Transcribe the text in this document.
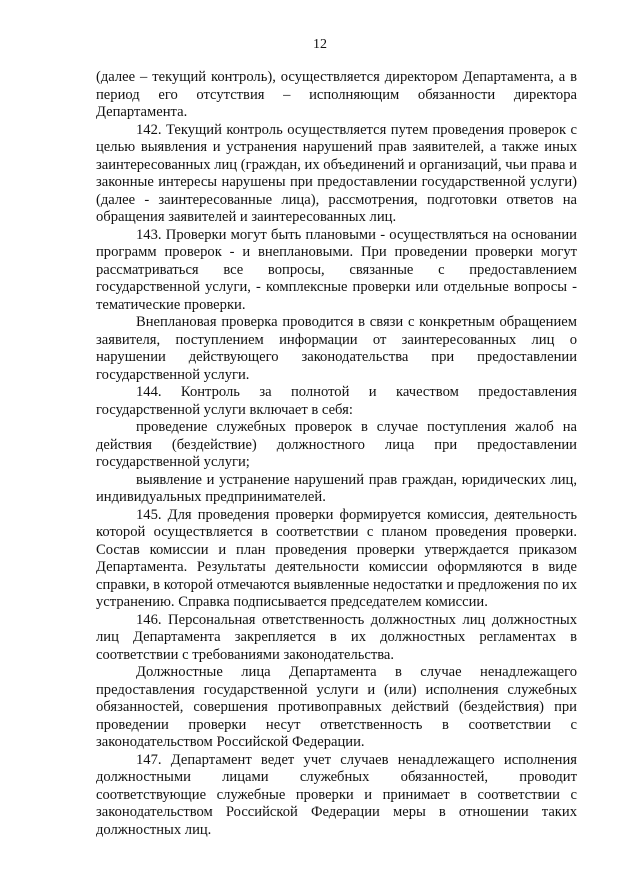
12

(далее – текущий контроль), осуществляется директором Департамента, а в период его отсутствия – исполняющим обязанности директора Департамента.

142. Текущий контроль осуществляется путем проведения проверок с целью выявления и устранения нарушений прав заявителей, а также иных заинтересованных лиц (граждан, их объединений и организаций, чьи права и законные интересы нарушены при предоставлении государственной услуги) (далее - заинтересованные лица), рассмотрения, подготовки ответов на обращения заявителей и заинтересованных лиц.

143. Проверки могут быть плановыми - осуществляться на основании программ проверок - и внеплановыми. При проведении проверки могут рассматриваться все вопросы, связанные с предоставлением государственной услуги, - комплексные проверки или отдельные вопросы - тематические проверки.

Внеплановая проверка проводится в связи с конкретным обращением заявителя, поступлением информации от заинтересованных лиц о нарушении действующего законодательства при предоставлении государственной услуги.

144. Контроль за полнотой и качеством предоставления государственной услуги включает в себя:

проведение служебных проверок в случае поступления жалоб на действия (бездействие) должностного лица при предоставлении государственной услуги;

выявление и устранение нарушений прав граждан, юридических лиц, индивидуальных предпринимателей.

145. Для проведения проверки формируется комиссия, деятельность которой осуществляется в соответствии с планом проведения проверки. Состав комиссии и план проведения проверки утверждается приказом Департамента. Результаты деятельности комиссии оформляются в виде справки, в которой отмечаются выявленные недостатки и предложения по их устранению. Справка подписывается председателем комиссии.

146. Персональная ответственность должностных лиц должностных лиц Департамента закрепляется в их должностных регламентах в соответствии с требованиями законодательства.

Должностные лица Департамента в случае ненадлежащего предоставления государственной услуги и (или) исполнения служебных обязанностей, совершения противоправных действий (бездействия) при проведении проверки несут ответственность в соответствии с законодательством Российской Федерации.

147. Департамент ведет учет случаев ненадлежащего исполнения должностными лицами служебных обязанностей, проводит соответствующие служебные проверки и принимает в соответствии с законодательством Российской Федерации меры в отношении таких должностных лиц.
